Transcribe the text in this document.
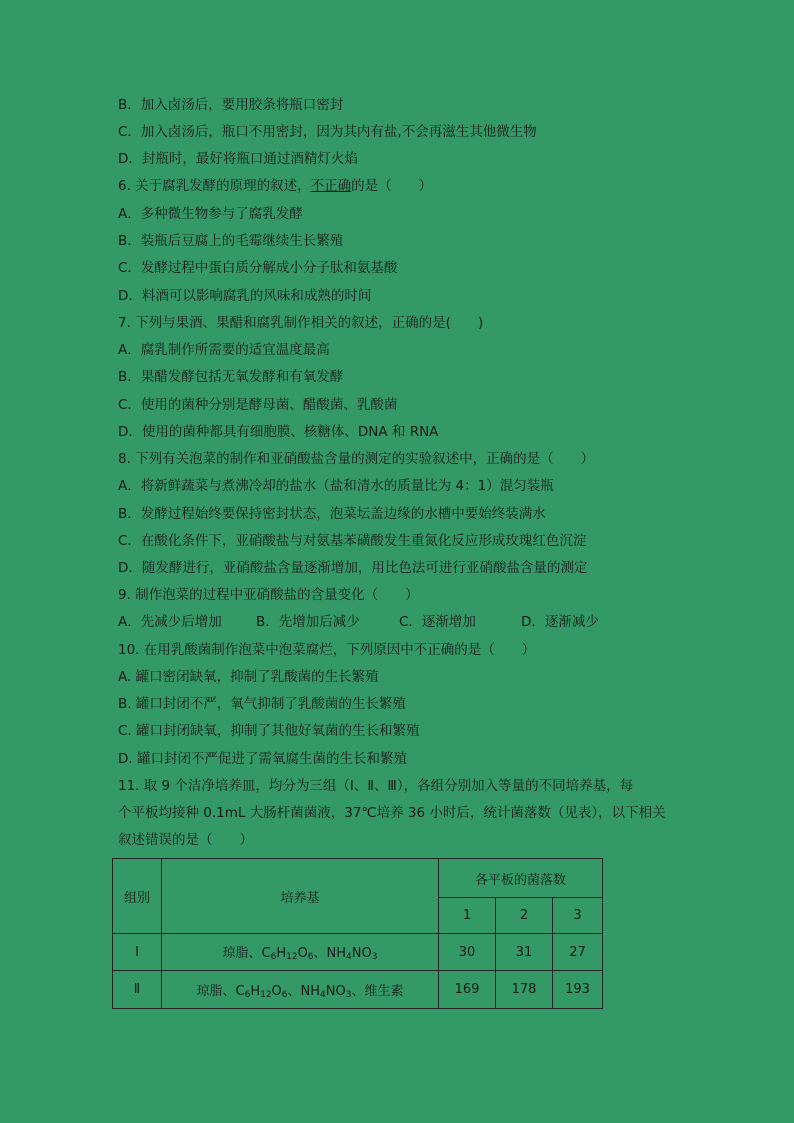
B．加入卤汤后，要用胶条将瓶口密封
C．加入卤汤后，瓶口不用密封，因为其内有盐,不会再滋生其他微生物
D．封瓶时，最好将瓶口通过酒精灯火焰
6. 关于腐乳发酵的原理的叙述，不正确的是（　　）
A．多种微生物参与了腐乳发酵
B．装瓶后豆腐上的毛霉继续生长繁殖
C．发酵过程中蛋白质分解成小分子肽和氨基酸
D．料酒可以影响腐乳的风味和成熟的时间
7. 下列与果酒、果醋和腐乳制作相关的叙述，正确的是(　　)
A．腐乳制作所需要的适宜温度最高
B．果醋发酵包括无氧发酵和有氧发酵
C．使用的菌种分别是酵母菌、醋酸菌、乳酸菌
D．使用的菌种都具有细胞膜、核糖体、DNA 和 RNA
8. 下列有关泡菜的制作和亚硝酸盐含量的测定的实验叙述中，正确的是（　　）
A．将新鲜蔬菜与煮沸冷却的盐水（盐和清水的质量比为 4：1）混匀装瓶
B．发酵过程始终要保持密封状态，泡菜坛盖边缘的水槽中要始终装满水
C．在酸化条件下，亚硝酸盐与对氨基苯磺酸发生重氮化反应形成玫瑰红色沉淀
D．随发酵进行，亚硝酸盐含量逐渐增加，用比色法可进行亚硝酸盐含量的测定
9. 制作泡菜的过程中亚硝酸盐的含量变化（　　）
A．先减少后增加	B．先增加后减少	C．逐渐增加	D．逐渐减少
10. 在用乳酸菌制作泡菜中泡菜腐烂，下列原因中不正确的是（　　）
A. 罐口密闭缺氧，抑制了乳酸菌的生长繁殖
B. 罐口封闭不严，氧气抑制了乳酸菌的生长繁殖
C. 罐口封闭缺氧，抑制了其他好氧菌的生长和繁殖
D. 罐口封闭不严促进了需氧腐生菌的生长和繁殖
11. 取 9 个洁净培养皿，均分为三组（Ⅰ、Ⅱ、Ⅲ），各组分别加入等量的不同培养基，每
个平板均接种 0.1mL 大肠杆菌菌液，37℃培养 36 小时后，统计菌落数（见表），以下相关
叙述错误的是（　　）
组别	培养基	各平板的菌落数		
		1	2	3
Ⅰ	琼脂、$C_6H_{12}O_6$、$NH_4NO_3$	30	31	27
Ⅱ	琼脂、$C_6H_{12}O_6$、$NH_4NO_3$、维生素	169	178	193
